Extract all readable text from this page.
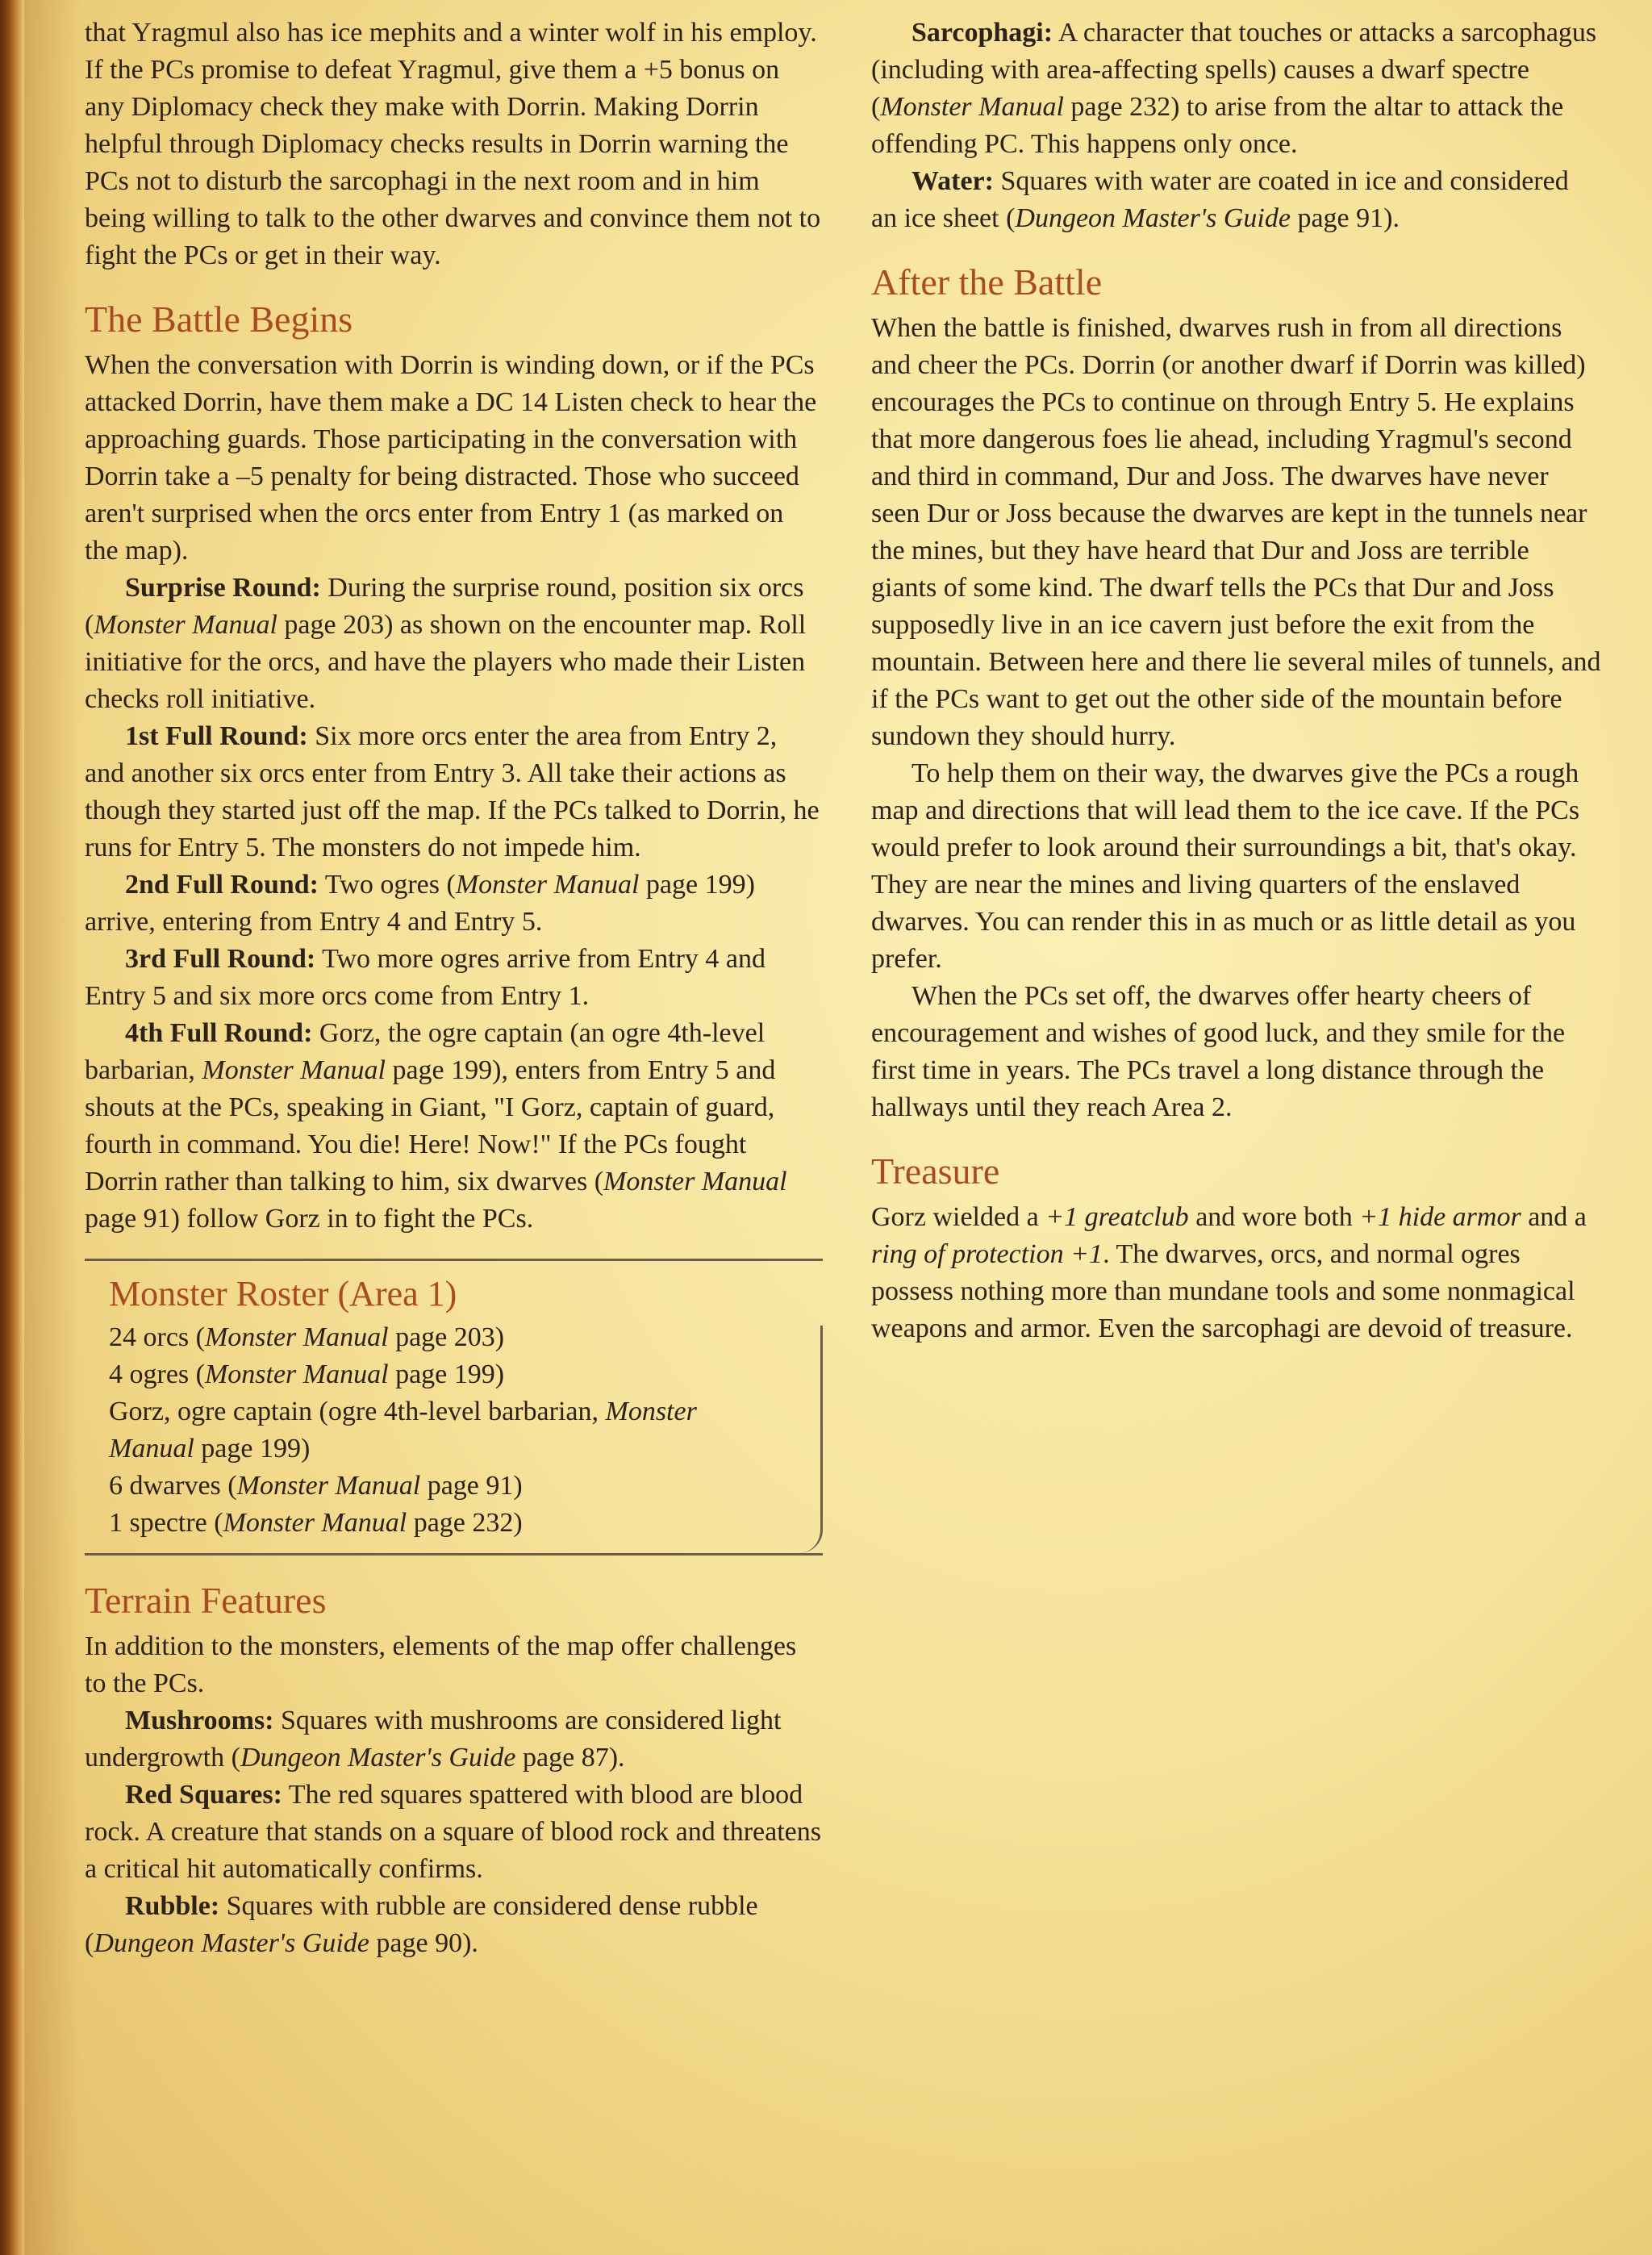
that Yragmul also has ice mephits and a winter wolf in his employ. If the PCs promise to defeat Yragmul, give them a +5 bonus on any Diplomacy check they make with Dorrin. Making Dorrin helpful through Diplomacy checks results in Dorrin warning the PCs not to disturb the sarcophagi in the next room and in him being willing to talk to the other dwarves and convince them not to fight the PCs or get in their way.

The Battle Begins

When the conversation with Dorrin is winding down, or if the PCs attacked Dorrin, have them make a DC 14 Listen check to hear the approaching guards. Those participating in the conversation with Dorrin take a –5 penalty for being distracted. Those who succeed aren't surprised when the orcs enter from Entry 1 (as marked on the map).

Surprise Round: During the surprise round, position six orcs (Monster Manual page 203) as shown on the encounter map. Roll initiative for the orcs, and have the players who made their Listen checks roll initiative.

1st Full Round: Six more orcs enter the area from Entry 2, and another six orcs enter from Entry 3. All take their actions as though they started just off the map. If the PCs talked to Dorrin, he runs for Entry 5. The monsters do not impede him.

2nd Full Round: Two ogres (Monster Manual page 199) arrive, entering from Entry 4 and Entry 5.

3rd Full Round: Two more ogres arrive from Entry 4 and Entry 5 and six more orcs come from Entry 1.

4th Full Round: Gorz, the ogre captain (an ogre 4th-level barbarian, Monster Manual page 199), enters from Entry 5 and shouts at the PCs, speaking in Giant, "I Gorz, captain of guard, fourth in command. You die! Here! Now!" If the PCs fought Dorrin rather than talking to him, six dwarves (Monster Manual page 91) follow Gorz in to fight the PCs.

Monster Roster (Area 1)

24 orcs (Monster Manual page 203)

4 ogres (Monster Manual page 199)

Gorz, ogre captain (ogre 4th-level barbarian, Monster Manual page 199)

6 dwarves (Monster Manual page 91)

1 spectre (Monster Manual page 232)

Terrain Features

In addition to the monsters, elements of the map offer challenges to the PCs.

Mushrooms: Squares with mushrooms are considered light undergrowth (Dungeon Master's Guide page 87).

Red Squares: The red squares spattered with blood are blood rock. A creature that stands on a square of blood rock and threatens a critical hit automatically confirms.

Rubble: Squares with rubble are considered dense rubble (Dungeon Master's Guide page 90).

Sarcophagi: A character that touches or attacks a sarcophagus (including with area-affecting spells) causes a dwarf spectre (Monster Manual page 232) to arise from the altar to attack the offending PC. This happens only once.

Water: Squares with water are coated in ice and considered an ice sheet (Dungeon Master's Guide page 91).

After the Battle

When the battle is finished, dwarves rush in from all directions and cheer the PCs. Dorrin (or another dwarf if Dorrin was killed) encourages the PCs to continue on through Entry 5. He explains that more dangerous foes lie ahead, including Yragmul's second and third in command, Dur and Joss. The dwarves have never seen Dur or Joss because the dwarves are kept in the tunnels near the mines, but they have heard that Dur and Joss are terrible giants of some kind. The dwarf tells the PCs that Dur and Joss supposedly live in an ice cavern just before the exit from the mountain. Between here and there lie several miles of tunnels, and if the PCs want to get out the other side of the mountain before sundown they should hurry.

To help them on their way, the dwarves give the PCs a rough map and directions that will lead them to the ice cave. If the PCs would prefer to look around their surroundings a bit, that's okay. They are near the mines and living quarters of the enslaved dwarves. You can render this in as much or as little detail as you prefer.

When the PCs set off, the dwarves offer hearty cheers of encouragement and wishes of good luck, and they smile for the first time in years. The PCs travel a long distance through the hallways until they reach Area 2.

Treasure

Gorz wielded a +1 greatclub and wore both +1 hide armor and a ring of protection +1. The dwarves, orcs, and normal ogres possess nothing more than mundane tools and some nonmagical weapons and armor. Even the sarcophagi are devoid of treasure.
